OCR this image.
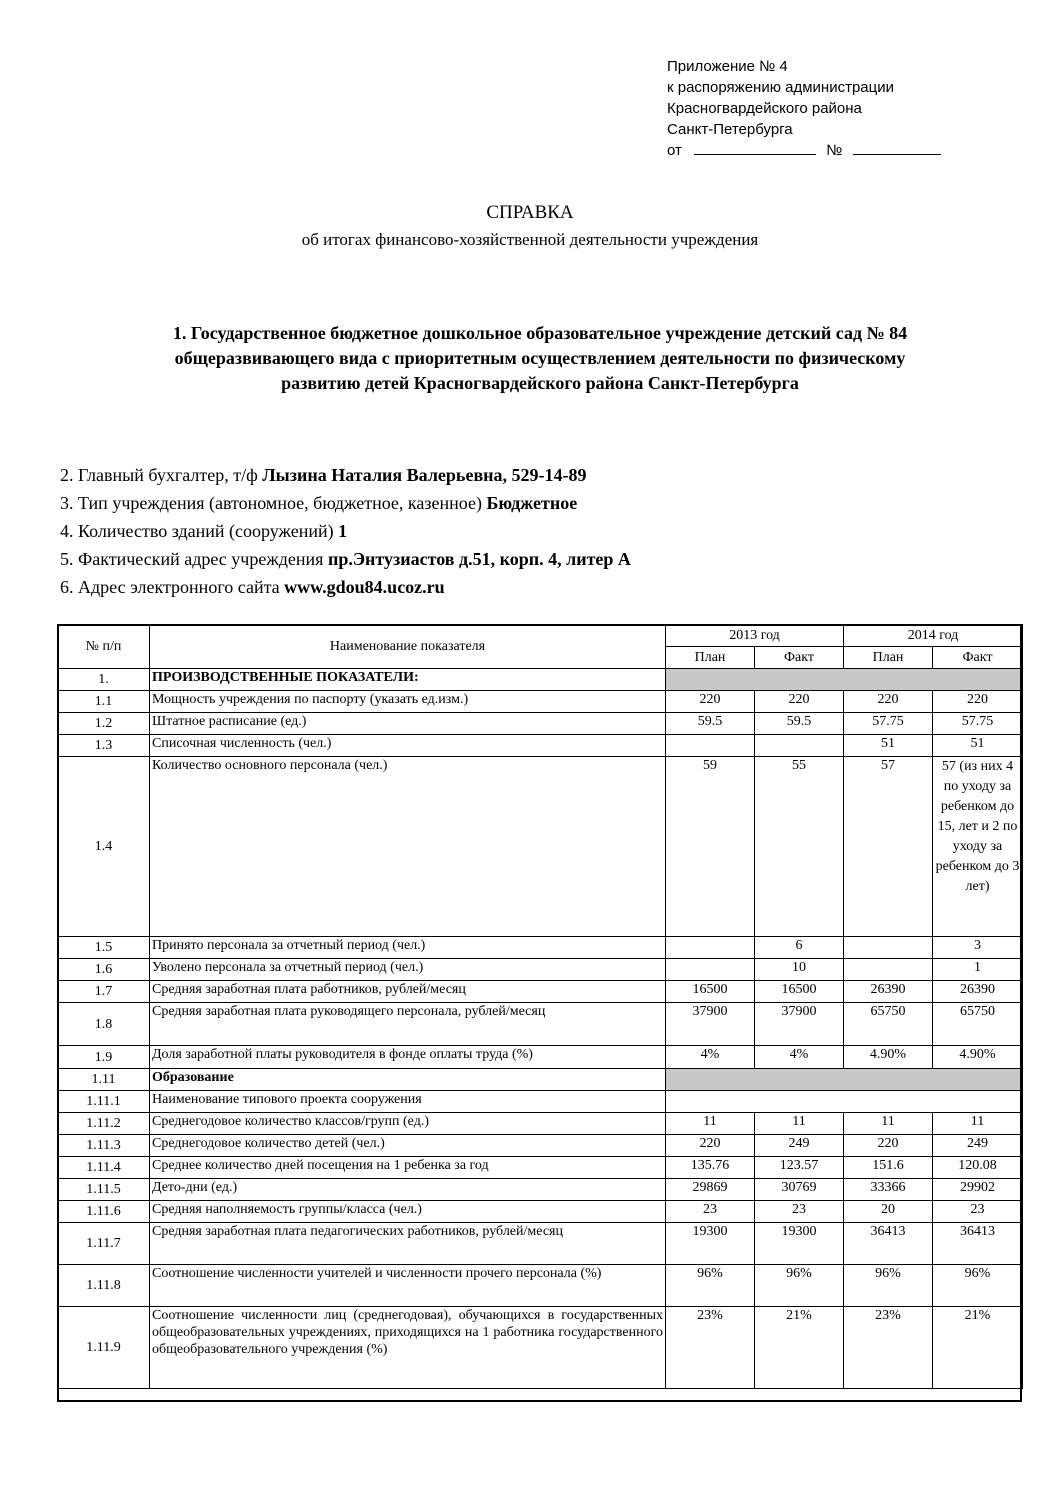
Приложение № 4
к распоряжению администрации
Красногвардейского района
Санкт-Петербурга
от	№
СПРАВКА
об итогах финансово-хозяйственной деятельности учреждения
1. Государственное бюджетное дошкольное образовательное учреждение детский сад № 84
общеразвивающего вида с приоритетным осуществлением деятельности по физическому
развитию детей Красногвардейского района Санкт-Петербурга
2. Главный бухгалтер, т/ф Лызина Наталия Валерьевна, 529-14-89
3. Тип учреждения (автономное, бюджетное, казенное) Бюджетное
4. Количество зданий (сооружений) 1
5. Фактический адрес учреждения пр.Энтузиастов д.51, корп. 4, литер А
6. Адрес электронного сайта www.gdou84.ucoz.ru
№ п/п	Наименование показателя	2013 год		2014 год	
		План	Факт	План	Факт
1.	ПРОИЗВОДСТВЕННЫЕ ПОКАЗАТЕЛИ:				
1.1	Мощность учреждения по паспорту (указать ед.изм.)	220	220	220	220
1.2	Штатное расписание (ед.)	59.5	59.5	57.75	57.75
1.3	Списочная численность (чел.)			51	51
1.4	Количество основного персонала (чел.)	59	55	57	57 (из них 4 по уходу за ребенком до 15, лет и 2 по уходу за ребенком до 3 лет)
1.5	Принято персонала за отчетный период (чел.)		6		3
1.6	Уволено персонала за отчетный период (чел.)		10		1
1.7	Средняя заработная плата работников, рублей/месяц	16500	16500	26390	26390
1.8	Средняя заработная плата руководящего персонала, рублей/месяц	37900	37900	65750	65750
1.9	Доля заработной платы руководителя в фонде оплаты труда (%)	4%	4%	4.90%	4.90%
1.11	Образование				
1.11.1	Наименование типового проекта сооружения				
1.11.2	Среднегодовое количество классов/групп (ед.)	11	11	11	11
1.11.3	Среднегодовое количество детей (чел.)	220	249	220	249
1.11.4	Среднее количество дней посещения на 1 ребенка за год	135.76	123.57	151.6	120.08
1.11.5	Дето-дни (ед.)	29869	30769	33366	29902
1.11.6	Средняя наполняемость группы/класса (чел.)	23	23	20	23
1.11.7	Средняя заработная плата педагогических работников, рублей/месяц	19300	19300	36413	36413
1.11.8	Соотношение численности учителей и численности прочего персонала (%)	96%	96%	96%	96%
1.11.9	Соотношение численности лиц (среднегодовая), обучающихся в государственных общеобразовательных учреждениях, приходящихся на 1 работника государственного общеобразовательного учреждения (%)	23%	21%	23%	21%
